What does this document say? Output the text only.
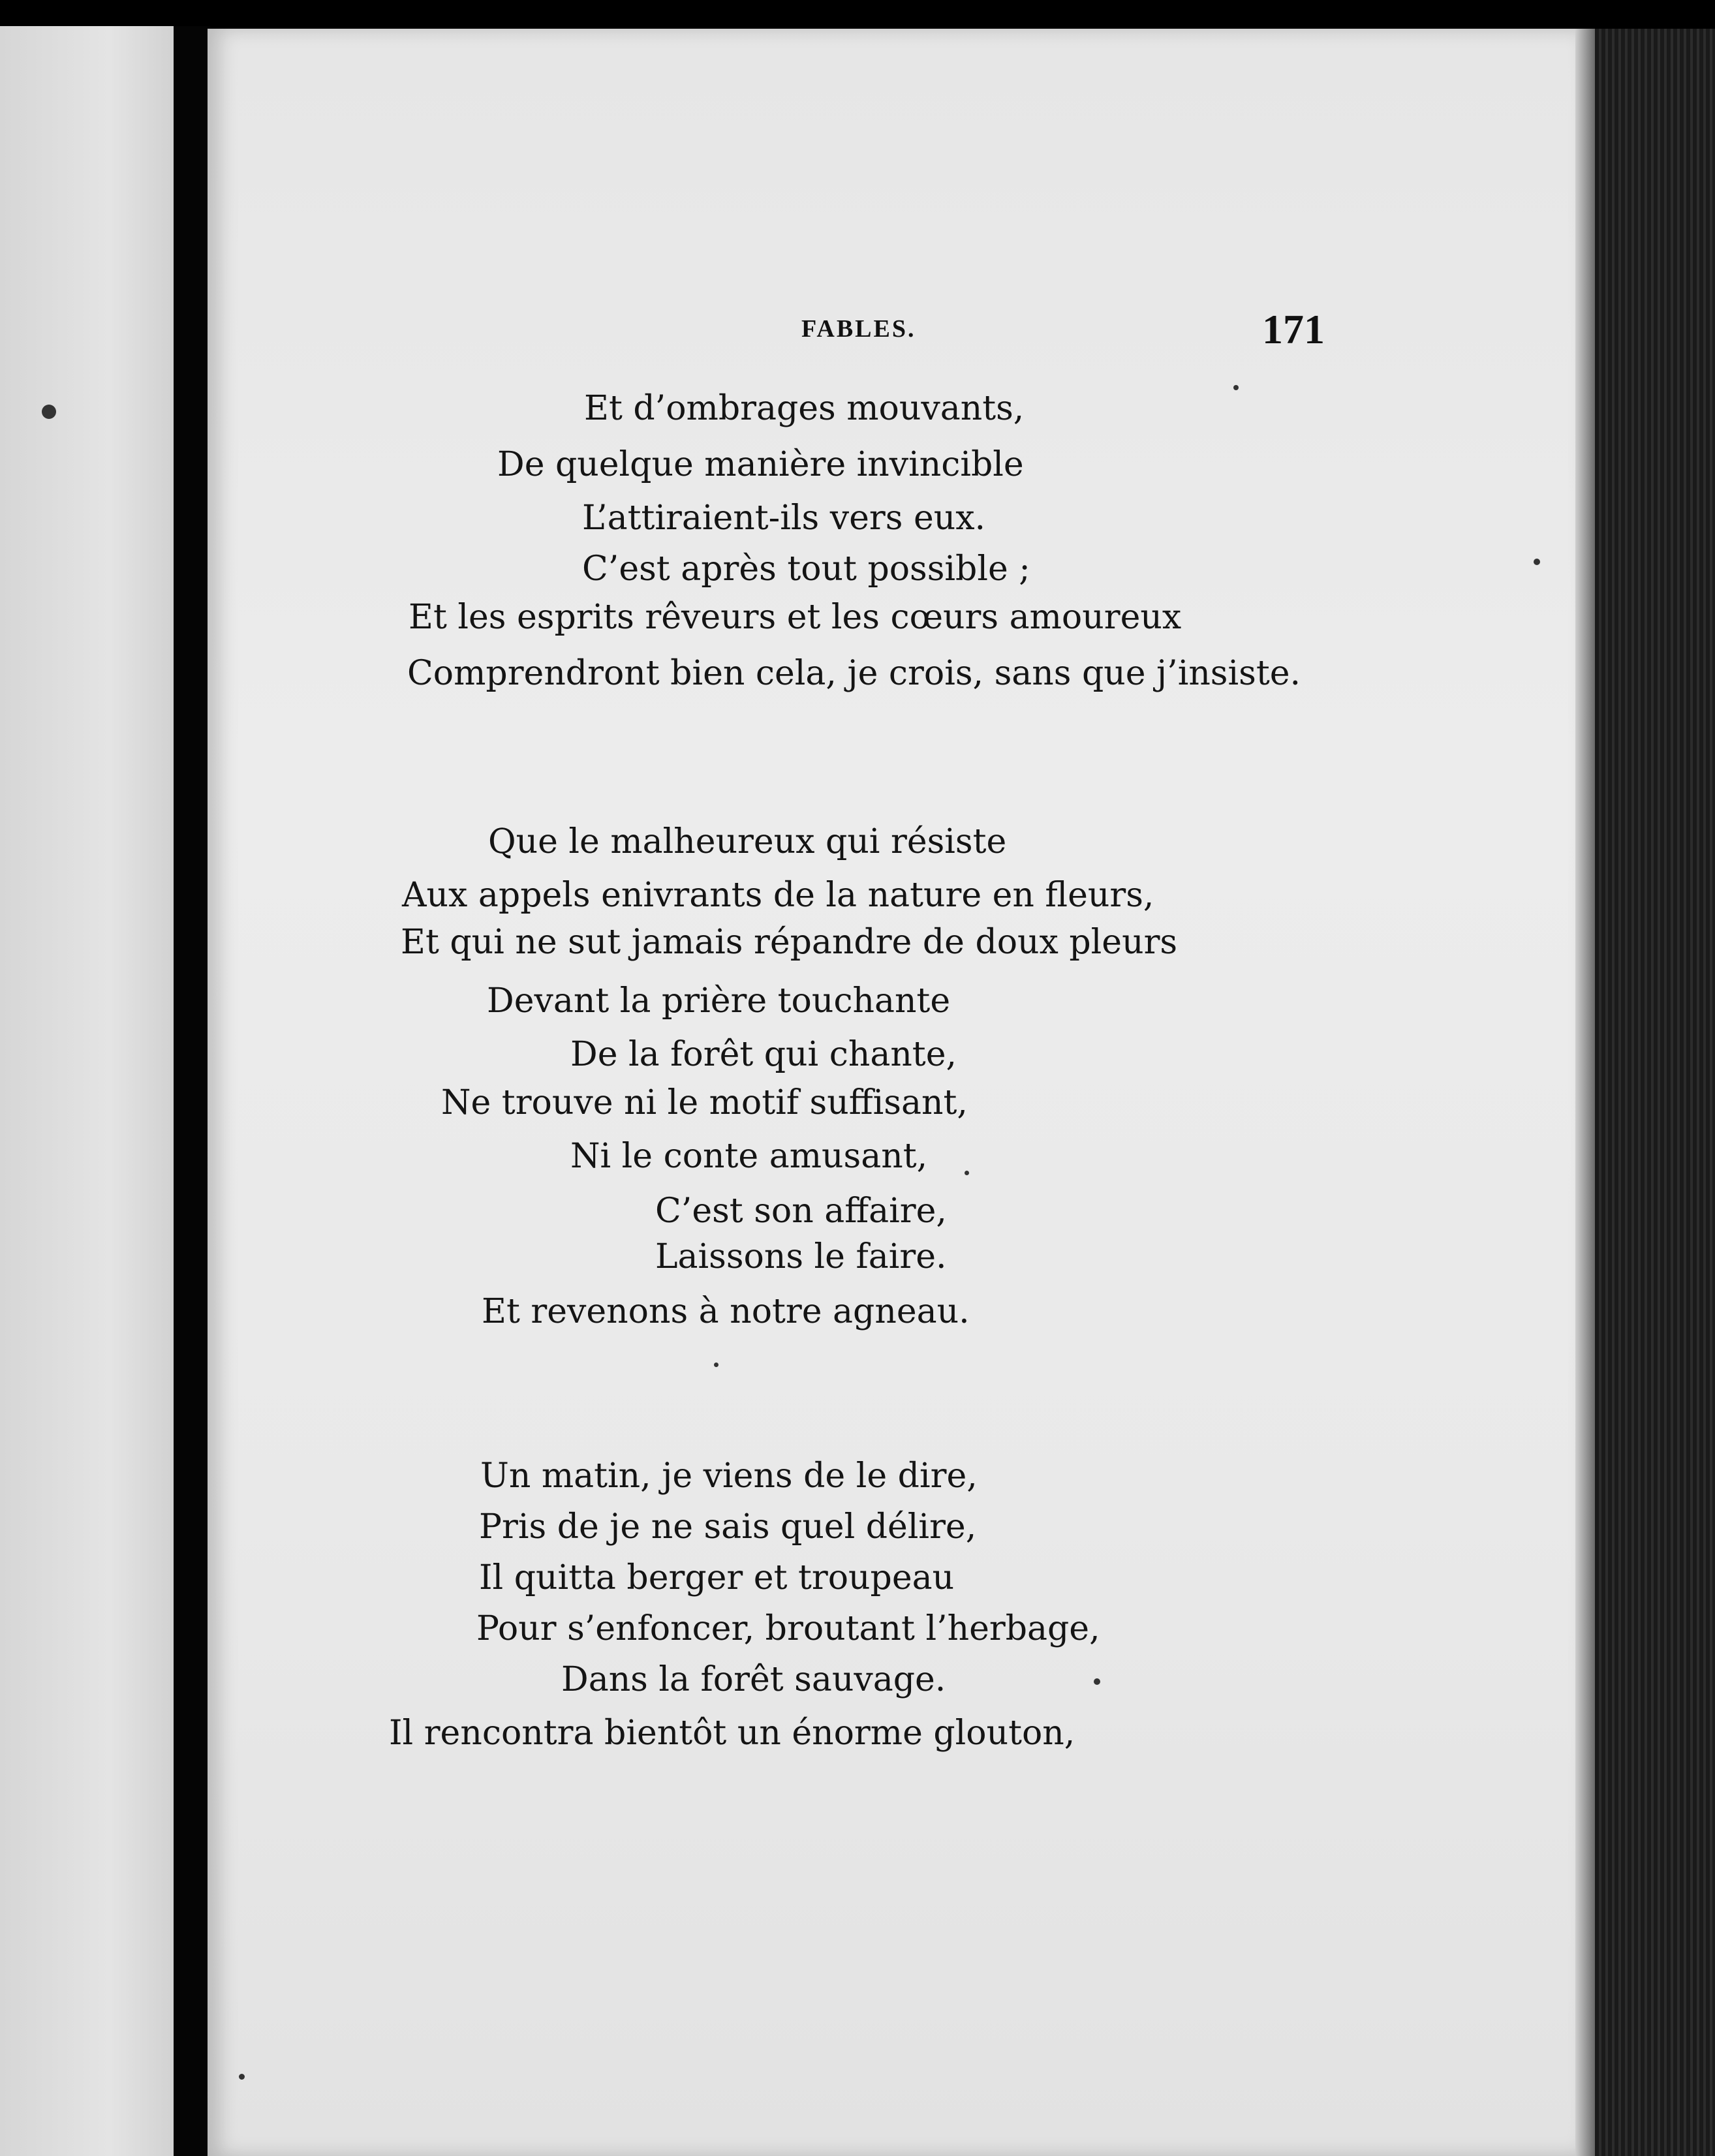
FABLES.	171
Et d’ombrages mouvants,
De quelque manière invincible
L’attiraient-ils vers eux.
C’est après tout possible ;
Et les esprits rêveurs et les cœurs amoureux
Comprendront bien cela, je crois, sans que j’insiste.
Que le malheureux qui résiste
Aux appels enivrants de la nature en fleurs,
Et qui ne sut jamais répandre de doux pleurs
Devant la prière touchante
De la forêt qui chante,
Ne trouve ni le motif suffisant,
Ni le conte amusant,
C’est son affaire,
Laissons le faire.
Et revenons à notre agneau.
Un matin, je viens de le dire,
Pris de je ne sais quel délire,
Il quitta berger et troupeau
Pour s’enfoncer, broutant l’herbage,
Dans la forêt sauvage.
Il rencontra bientôt un énorme glouton,
